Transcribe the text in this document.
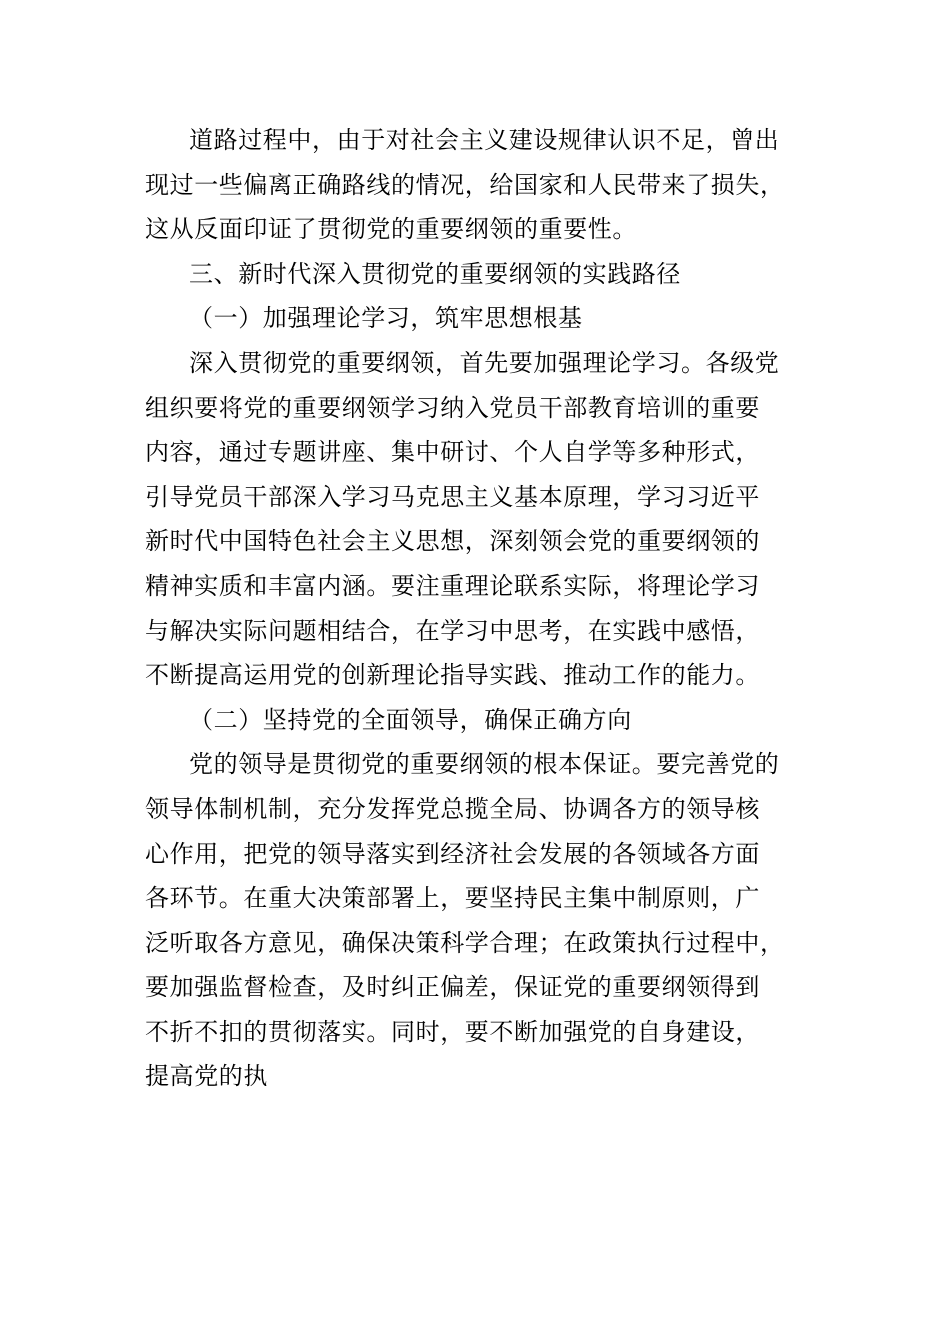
道路过程中，由于对社会主义建设规律认识不足，曾出
现过一些偏离正确路线的情况，给国家和人民带来了损失，
这从反面印证了贯彻党的重要纲领的重要性。
三、新时代深入贯彻党的重要纲领的实践路径
（一）加强理论学习，筑牢思想根基
深入贯彻党的重要纲领，首先要加强理论学习。各级党
组织要将党的重要纲领学习纳入党员干部教育培训的重要
内容，通过专题讲座、集中研讨、个人自学等多种形式，
引导党员干部深入学习马克思主义基本原理，学习习近平
新时代中国特色社会主义思想，深刻领会党的重要纲领的
精神实质和丰富内涵。要注重理论联系实际，将理论学习
与解决实际问题相结合，在学习中思考，在实践中感悟，
不断提高运用党的创新理论指导实践、推动工作的能力。
（二）坚持党的全面领导，确保正确方向
党的领导是贯彻党的重要纲领的根本保证。要完善党的
领导体制机制，充分发挥党总揽全局、协调各方的领导核
心作用，把党的领导落实到经济社会发展的各领域各方面
各环节。在重大决策部署上，要坚持民主集中制原则，广
泛听取各方意见，确保决策科学合理；在政策执行过程中，
要加强监督检查，及时纠正偏差，保证党的重要纲领得到
不折不扣的贯彻落实。同时，要不断加强党的自身建设，
提高党的执
